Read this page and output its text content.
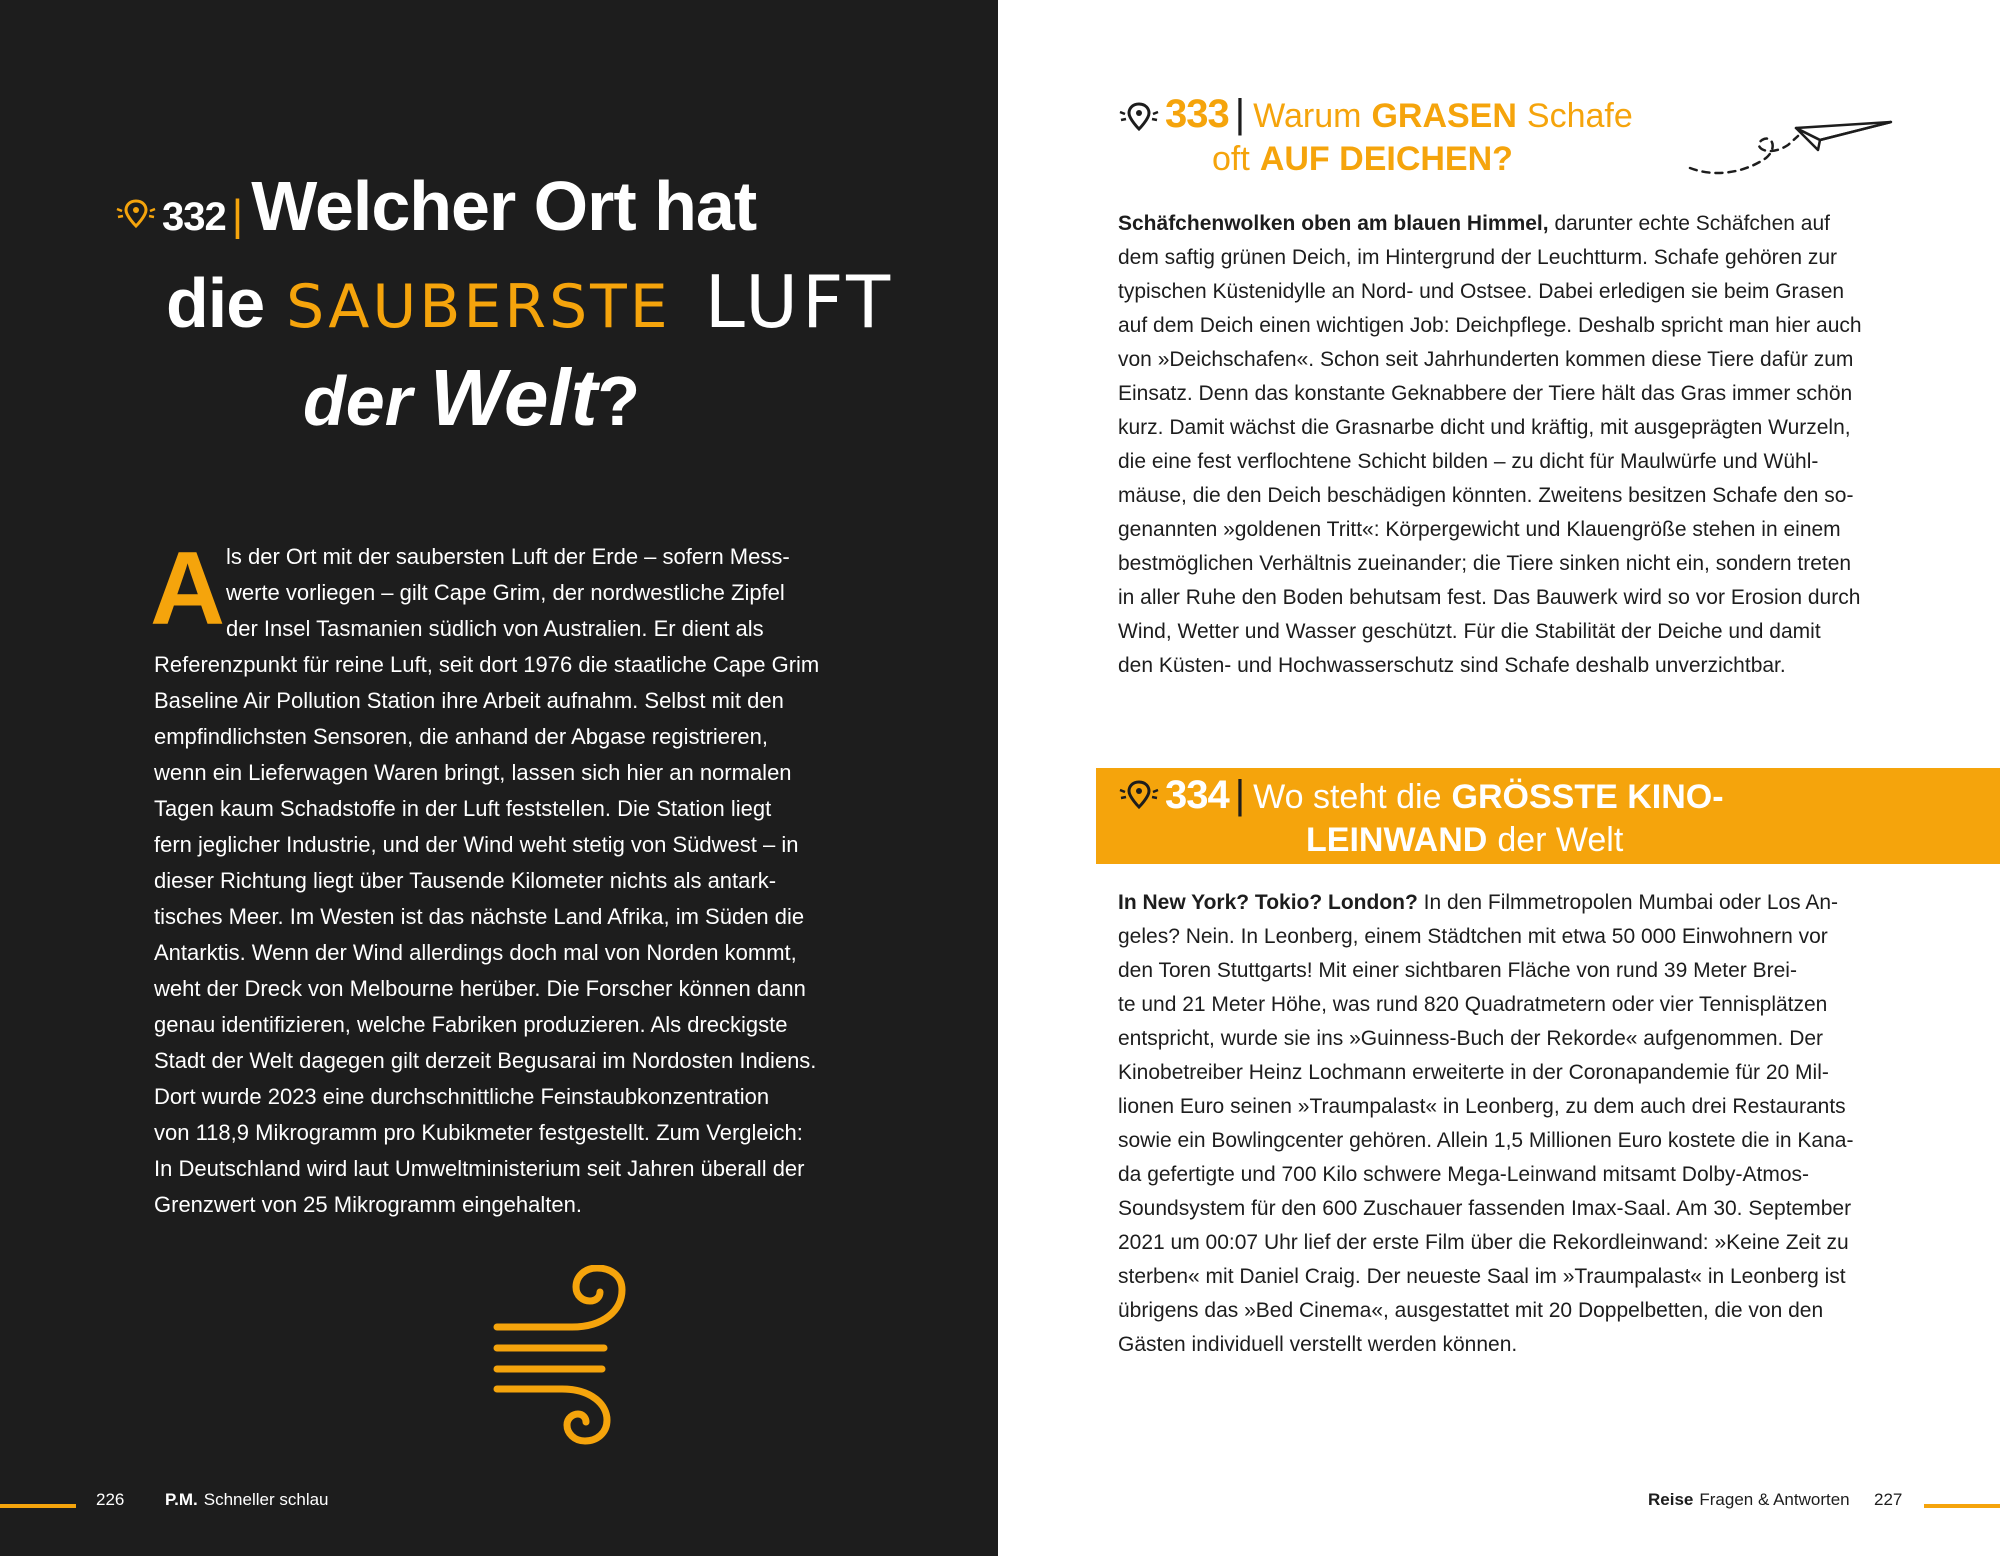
332 | Welcher Ort hat
die SAUBERSTE LUFT
der Welt ?
A ls der Ort mit der saubersten Luft der Erde – sofern Mess-
werte vorliegen – gilt Cape Grim, der nordwestliche Zipfel
der Insel Tasmanien südlich von Australien. Er dient als
Referenzpunkt für reine Luft, seit dort 1976 die staatliche Cape Grim
Baseline Air Pollution Station ihre Arbeit aufnahm. Selbst mit den
empfindlichsten Sensoren, die anhand der Abgase registrieren,
wenn ein Lieferwagen Waren bringt, lassen sich hier an normalen
Tagen kaum Schadstoffe in der Luft feststellen. Die Station liegt
fern jeglicher Industrie, und der Wind weht stetig von Südwest – in
dieser Richtung liegt über Tausende Kilometer nichts als antark-
tisches Meer. Im Westen ist das nächste Land Afrika, im Süden die
Antarktis. Wenn der Wind allerdings doch mal von Norden kommt,
weht der Dreck von Melbourne herüber. Die Forscher können dann
genau identifizieren, welche Fabriken produzieren. Als dreckigste
Stadt der Welt dagegen gilt derzeit Begusarai im Nordosten Indiens.
Dort wurde 2023 eine durchschnittliche Feinstaubkonzentration
von 118,9 Mikrogramm pro Kubikmeter festgestellt. Zum Vergleich:
In Deutschland wird laut Umweltministerium seit Jahren überall der
Grenzwert von 25 Mikrogramm eingehalten.
226 P.M. Schneller schlau
333 | Warum GRASEN Schafe
oft AUF DEICHEN?
Schäfchenwolken oben am blauen Himmel, darunter echte Schäfchen auf
dem saftig grünen Deich, im Hintergrund der Leuchtturm. Schafe gehören zur
typischen Küstenidylle an Nord- und Ostsee. Dabei erledigen sie beim Grasen
auf dem Deich einen wichtigen Job: Deichpflege. Deshalb spricht man hier auch
von »Deichschafen«. Schon seit Jahrhunderten kommen diese Tiere dafür zum
Einsatz. Denn das konstante Geknabbere der Tiere hält das Gras immer schön
kurz. Damit wächst die Grasnarbe dicht und kräftig, mit ausgeprägten Wurzeln,
die eine fest verflochtene Schicht bilden – zu dicht für Maulwürfe und Wühl-
mäuse, die den Deich beschädigen könnten. Zweitens besitzen Schafe den so-
genannten »goldenen Tritt«: Körpergewicht und Klauengröße stehen in einem
bestmöglichen Verhältnis zueinander; die Tiere sinken nicht ein, sondern treten
in aller Ruhe den Boden behutsam fest. Das Bauwerk wird so vor Erosion durch
Wind, Wetter und Wasser geschützt. Für die Stabilität der Deiche und damit
den Küsten- und Hochwasserschutz sind Schafe deshalb unverzichtbar.
334 | Wo steht die GRÖSSTE KINO-
LEINWAND der Welt
In New York? Tokio? London? In den Filmmetropolen Mumbai oder Los An-
geles? Nein. In Leonberg, einem Städtchen mit etwa 50 000 Einwohnern vor
den Toren Stuttgarts! Mit einer sichtbaren Fläche von rund 39 Meter Brei-
te und 21 Meter Höhe, was rund 820 Quadratmetern oder vier Tennisplätzen
entspricht, wurde sie ins »Guinness-Buch der Rekorde« aufgenommen. Der
Kinobetreiber Heinz Lochmann erweiterte in der Coronapandemie für 20 Mil-
lionen Euro seinen »Traumpalast« in Leonberg, zu dem auch drei Restaurants
sowie ein Bowlingcenter gehören. Allein 1,5 Millionen Euro kostete die in Kana-
da gefertigte und 700 Kilo schwere Mega-Leinwand mitsamt Dolby-Atmos-
Soundsystem für den 600 Zuschauer fassenden Imax-Saal. Am 30. September
2021 um 00:07 Uhr lief der erste Film über die Rekordleinwand: »Keine Zeit zu
sterben« mit Daniel Craig. Der neueste Saal im »Traumpalast« in Leonberg ist
übrigens das »Bed Cinema«, ausgestattet mit 20 Doppelbetten, die von den
Gästen individuell verstellt werden können.
Reise Fragen & Antworten 227
